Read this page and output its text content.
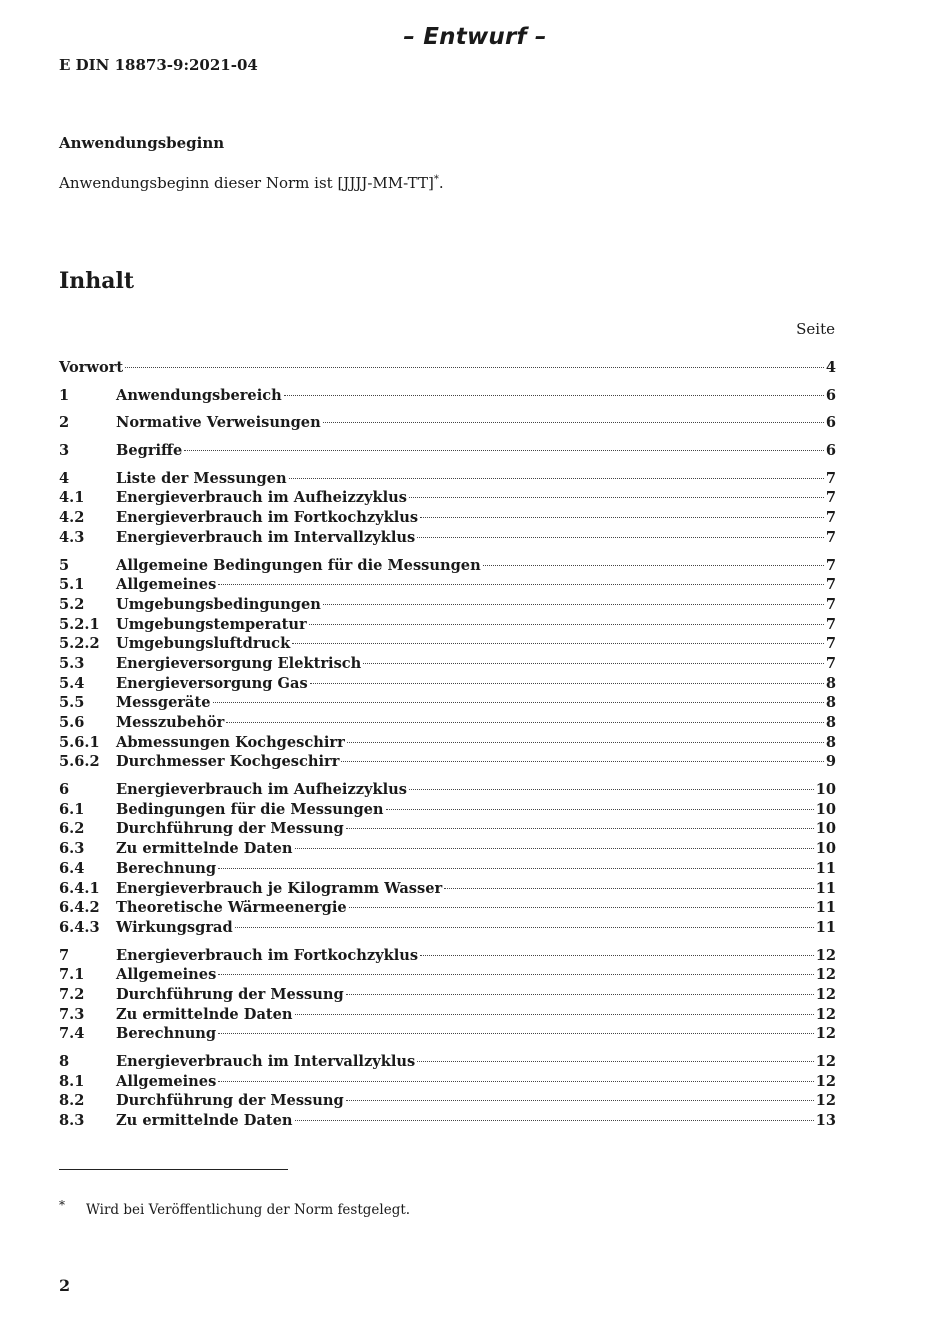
– Entwurf –
E DIN 18873-9:2021-04
Anwendungsbeginn
Anwendungsbeginn dieser Norm ist [JJJJ-MM-TT]*.
Inhalt
Seite
Vorwort	4
1	Anwendungsbereich	6
2	Normative Verweisungen	6
3	Begriffe	6
4	Liste der Messungen	7
4.1	Energieverbrauch im Aufheizzyklus	7
4.2	Energieverbrauch im Fortkochzyklus	7
4.3	Energieverbrauch im Intervallzyklus	7
5	Allgemeine Bedingungen für die Messungen	7
5.1	Allgemeines	7
5.2	Umgebungsbedingungen	7
5.2.1	Umgebungstemperatur	7
5.2.2	Umgebungsluftdruck	7
5.3	Energieversorgung Elektrisch	7
5.4	Energieversorgung Gas	8
5.5	Messgeräte	8
5.6	Messzubehör	8
5.6.1	Abmessungen Kochgeschirr	8
5.6.2	Durchmesser Kochgeschirr	9
6	Energieverbrauch im Aufheizzyklus	10
6.1	Bedingungen für die Messungen	10
6.2	Durchführung der Messung	10
6.3	Zu ermittelnde Daten	10
6.4	Berechnung	11
6.4.1	Energieverbrauch je Kilogramm Wasser	11
6.4.2	Theoretische Wärmeenergie	11
6.4.3	Wirkungsgrad	11
7	Energieverbrauch im Fortkochzyklus	12
7.1	Allgemeines	12
7.2	Durchführung der Messung	12
7.3	Zu ermittelnde Daten	12
7.4	Berechnung	12
8	Energieverbrauch im Intervallzyklus	12
8.1	Allgemeines	12
8.2	Durchführung der Messung	12
8.3	Zu ermittelnde Daten	13
* Wird bei Veröffentlichung der Norm festgelegt.
2
